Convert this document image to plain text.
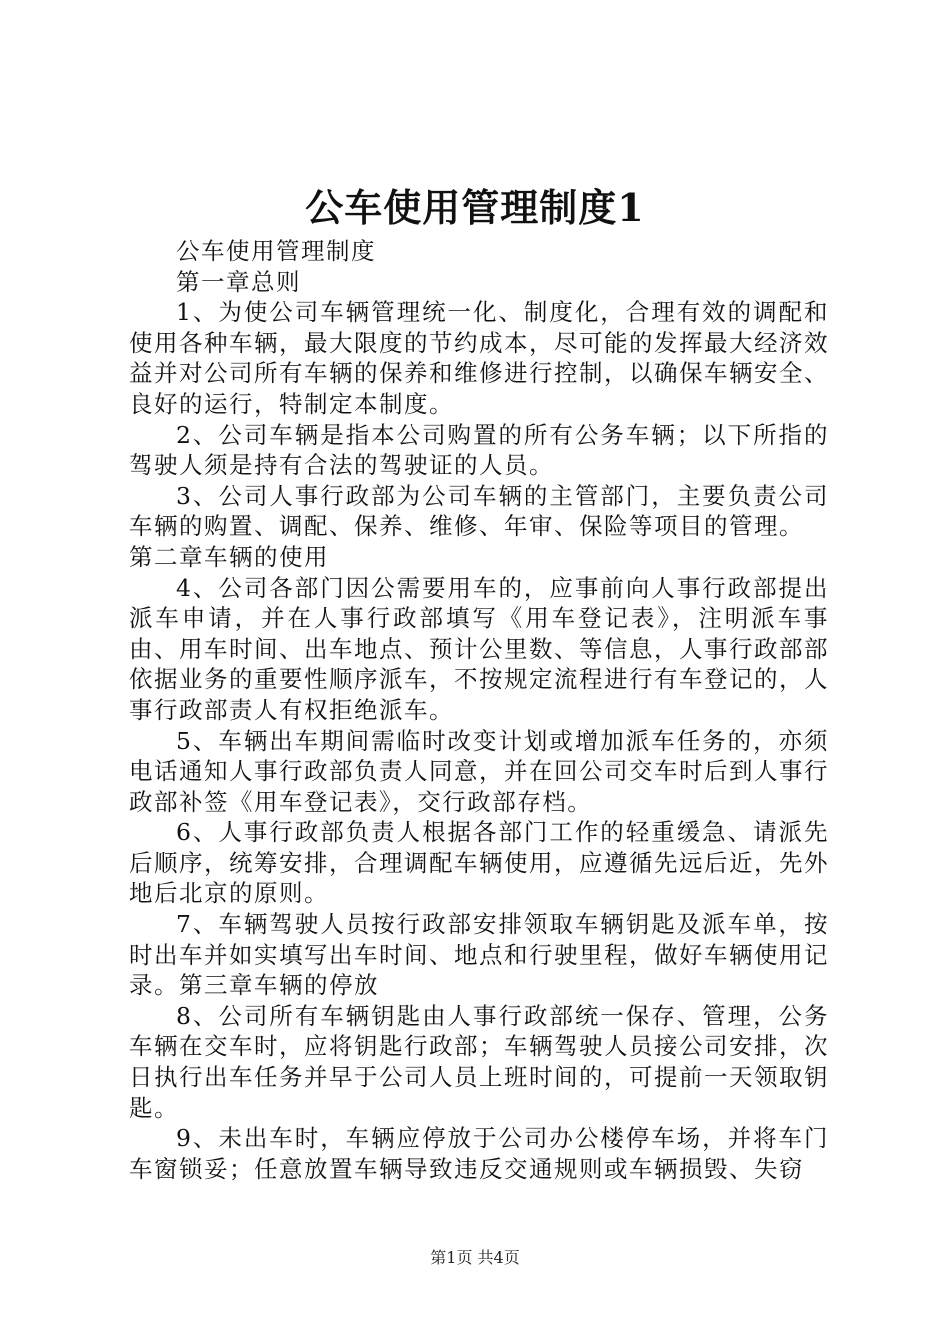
公车使用管理制度1

公车使用管理制度

第一章总则

1、为使公司车辆管理统一化、制度化，合理有效的调配和使用各种车辆，最大限度的节约成本，尽可能的发挥最大经济效益并对公司所有车辆的保养和维修进行控制，以确保车辆安全、良好的运行，特制定本制度。

2、公司车辆是指本公司购置的所有公务车辆；以下所指的驾驶人须是持有合法的驾驶证的人员。

3、公司人事行政部为公司车辆的主管部门，主要负责公司车辆的购置、调配、保养、维修、年审、保险等项目的管理。

第二章车辆的使用

4、公司各部门因公需要用车的，应事前向人事行政部提出派车申请，并在人事行政部填写《用车登记表》，注明派车事由、用车时间、出车地点、预计公里数、等信息，人事行政部部依据业务的重要性顺序派车，不按规定流程进行有车登记的，人事行政部责人有权拒绝派车。

5、车辆出车期间需临时改变计划或增加派车任务的，亦须电话通知人事行政部负责人同意，并在回公司交车时后到人事行政部补签《用车登记表》，交行政部存档。

6、人事行政部负责人根据各部门工作的轻重缓急、请派先后顺序，统筹安排，合理调配车辆使用，应遵循先远后近，先外地后北京的原则。

7、车辆驾驶人员按行政部安排领取车辆钥匙及派车单，按时出车并如实填写出车时间、地点和行驶里程，做好车辆使用记录。第三章车辆的停放

8、公司所有车辆钥匙由人事行政部统一保存、管理，公务车辆在交车时，应将钥匙行政部；车辆驾驶人员接公司安排，次日执行出车任务并早于公司人员上班时间的，可提前一天领取钥匙。

9、未出车时，车辆应停放于公司办公楼停车场，并将车门车窗锁妥；任意放置车辆导致违反交通规则或车辆损毁、失窃

第1页 共4页
